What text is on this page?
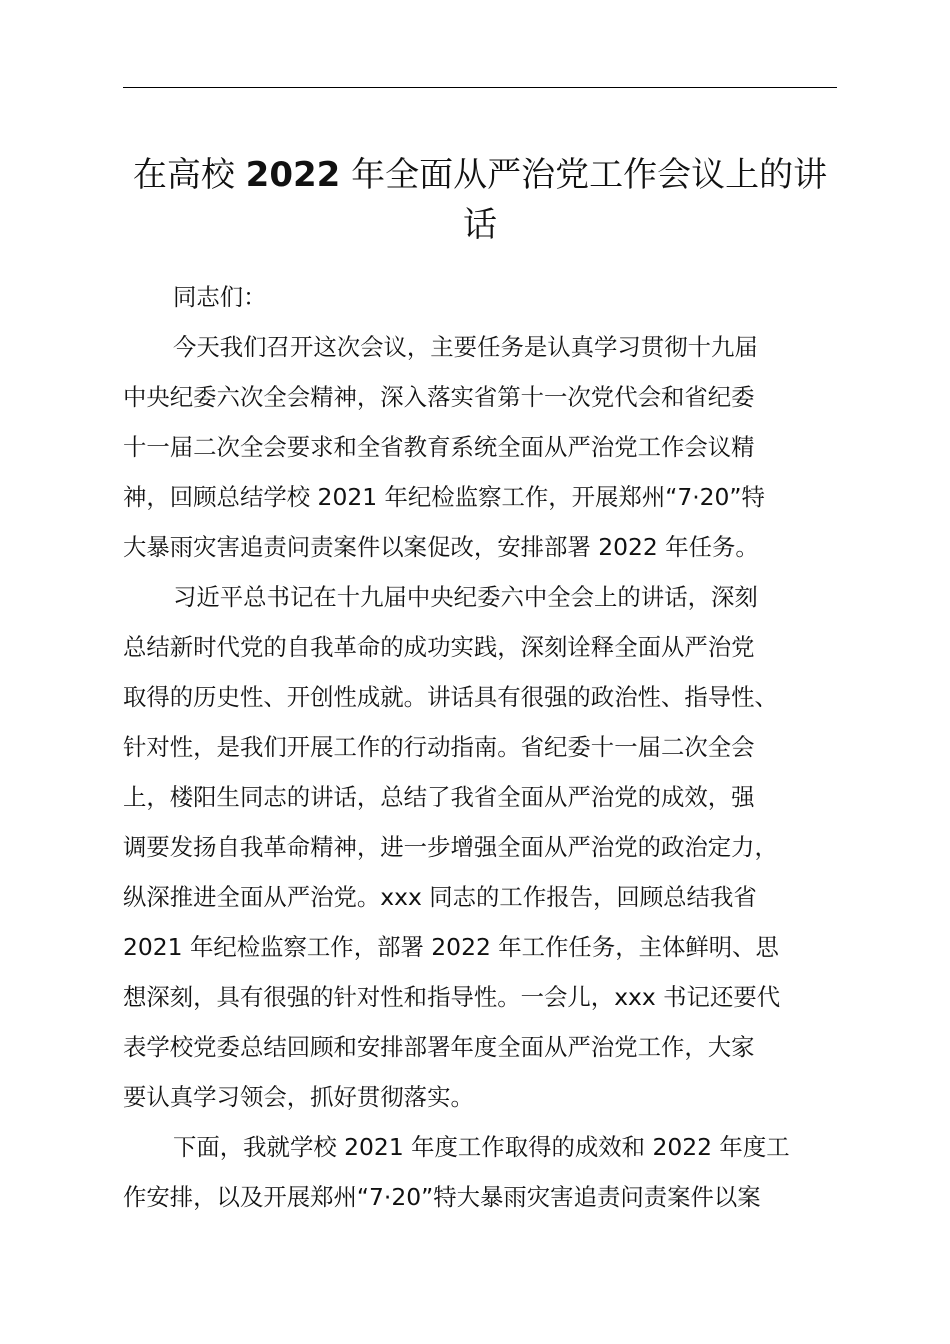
在高校 2022 年全面从严治党工作会议上的讲
话
同志们：
今天我们召开这次会议，主要任务是认真学习贯彻十九届
中央纪委六次全会精神，深入落实省第十一次党代会和省纪委
十一届二次全会要求和全省教育系统全面从严治党工作会议精
神，回顾总结学校 2021 年纪检监察工作，开展郑州“7·20”特
大暴雨灾害追责问责案件以案促改，安排部署 2022 年任务。
习近平总书记在十九届中央纪委六中全会上的讲话，深刻
总结新时代党的自我革命的成功实践，深刻诠释全面从严治党
取得的历史性、开创性成就。讲话具有很强的政治性、指导性、
针对性，是我们开展工作的行动指南。省纪委十一届二次全会
上，楼阳生同志的讲话，总结了我省全面从严治党的成效，强
调要发扬自我革命精神，进一步增强全面从严治党的政治定力，
纵深推进全面从严治党。xxx 同志的工作报告，回顾总结我省
2021 年纪检监察工作，部署 2022 年工作任务，主体鲜明、思
想深刻，具有很强的针对性和指导性。一会儿，xxx 书记还要代
表学校党委总结回顾和安排部署年度全面从严治党工作，大家
要认真学习领会，抓好贯彻落实。
下面，我就学校 2021 年度工作取得的成效和 2022 年度工
作安排，以及开展郑州“7·20”特大暴雨灾害追责问责案件以案
